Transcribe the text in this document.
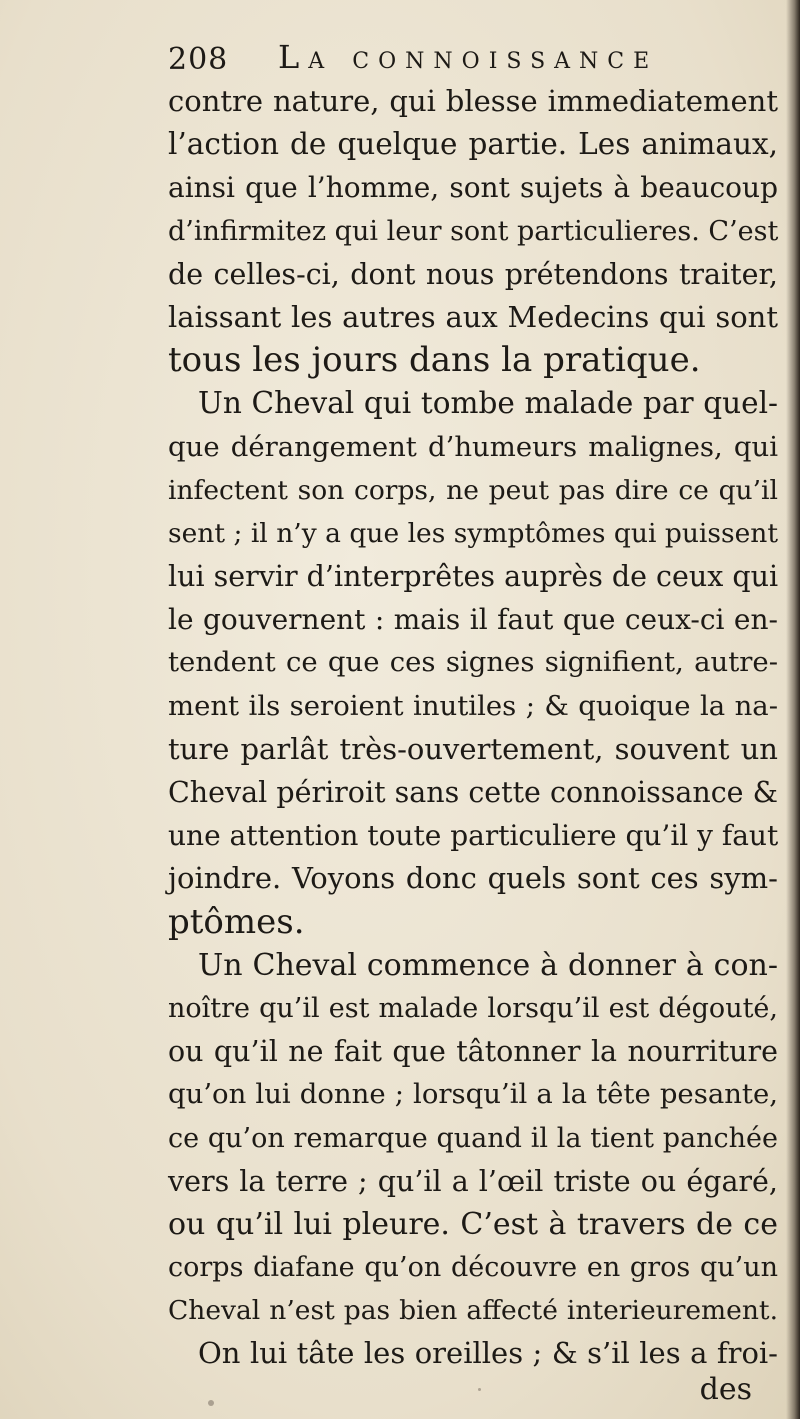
208 La connoissance
contre nature, qui blesse immediatement
l’action de quelque partie. Les animaux,
ainsi que l’homme, sont sujets à beaucoup
d’infirmitez qui leur sont particulieres. C’est
de celles-ci, dont nous prétendons traiter,
laissant les autres aux Medecins qui sont
tous les jours dans la pratique.
Un Cheval qui tombe malade par quel-
que dérangement d’humeurs malignes, qui
infectent son corps, ne peut pas dire ce qu’il
sent ; il n’y a que les symptômes qui puissent
lui servir d’interprêtes auprès de ceux qui
le gouvernent : mais il faut que ceux-ci en-
tendent ce que ces signes signifient, autre-
ment ils seroient inutiles ; & quoique la na-
ture parlât très-ouvertement, souvent un
Cheval périroit sans cette connoissance &
une attention toute particuliere qu’il y faut
joindre. Voyons donc quels sont ces sym-
ptômes.
Un Cheval commence à donner à con-
noître qu’il est malade lorsqu’il est dégouté,
ou qu’il ne fait que tâtonner la nourriture
qu’on lui donne ; lorsqu’il a la tête pesante,
ce qu’on remarque quand il la tient panchée
vers la terre ; qu’il a l’œil triste ou égaré,
ou qu’il lui pleure. C’est à travers de ce
corps diafane qu’on découvre en gros qu’un
Cheval n’est pas bien affecté interieurement.
On lui tâte les oreilles ; & s’il les a froi-
des
